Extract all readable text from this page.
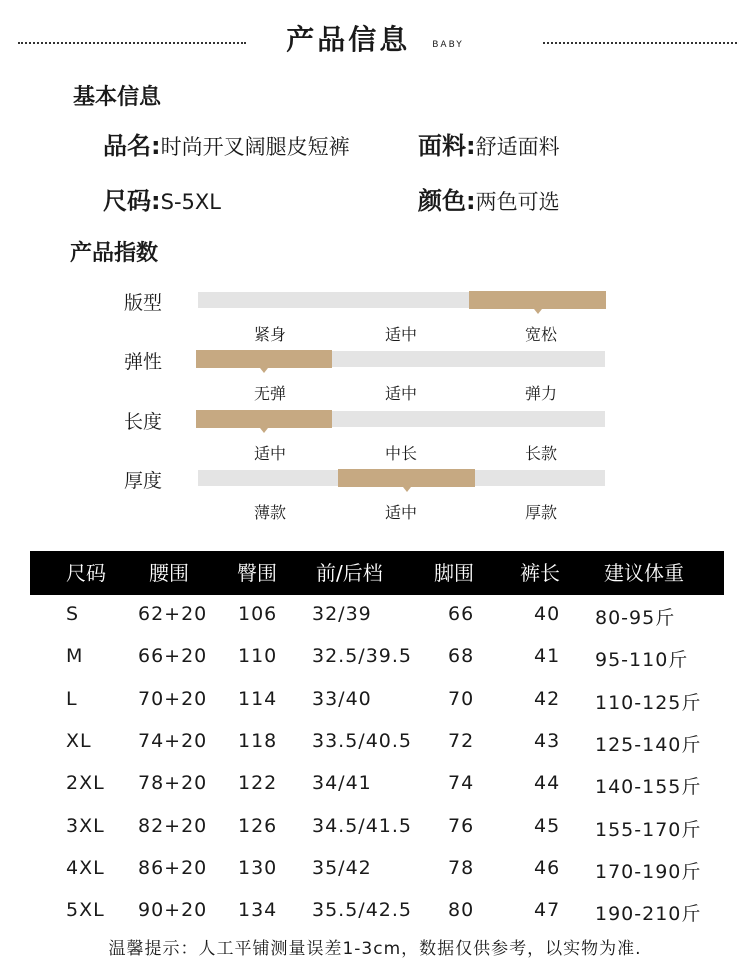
产品信息 BABY
基本信息
品名:时尚开叉阔腿皮短裤	面料:舒适面料
尺码:S-5XL	颜色:两色可选
产品指数
版型
紧身	适中	宽松
弹性
无弹	适中	弹力
长度
适中	中长	长款
厚度
薄款	适中	厚款
尺码 腰围 臀围 前/后档	脚围 裤长 建议体重
S	62+20 106 32/39	66	40 80-95斤
M	66+20 110 32.5/39.5 68	41 95-110斤
L	70+20 114 33/40	70	42 110-125斤
XL 74+20 118 33.5/40.5 72	43 125-140斤
2XL 78+20 122 34/41	74	44 140-155斤
3XL 82+20 126 34.5/41.5 76	45 155-170斤
4XL 86+20 130 35/42	78	46 170-190斤
5XL 90+20 134 35.5/42.5 80	47 190-210斤
温馨提示：人工平铺测量误差1-3cm，数据仅供参考，以实物为准.
